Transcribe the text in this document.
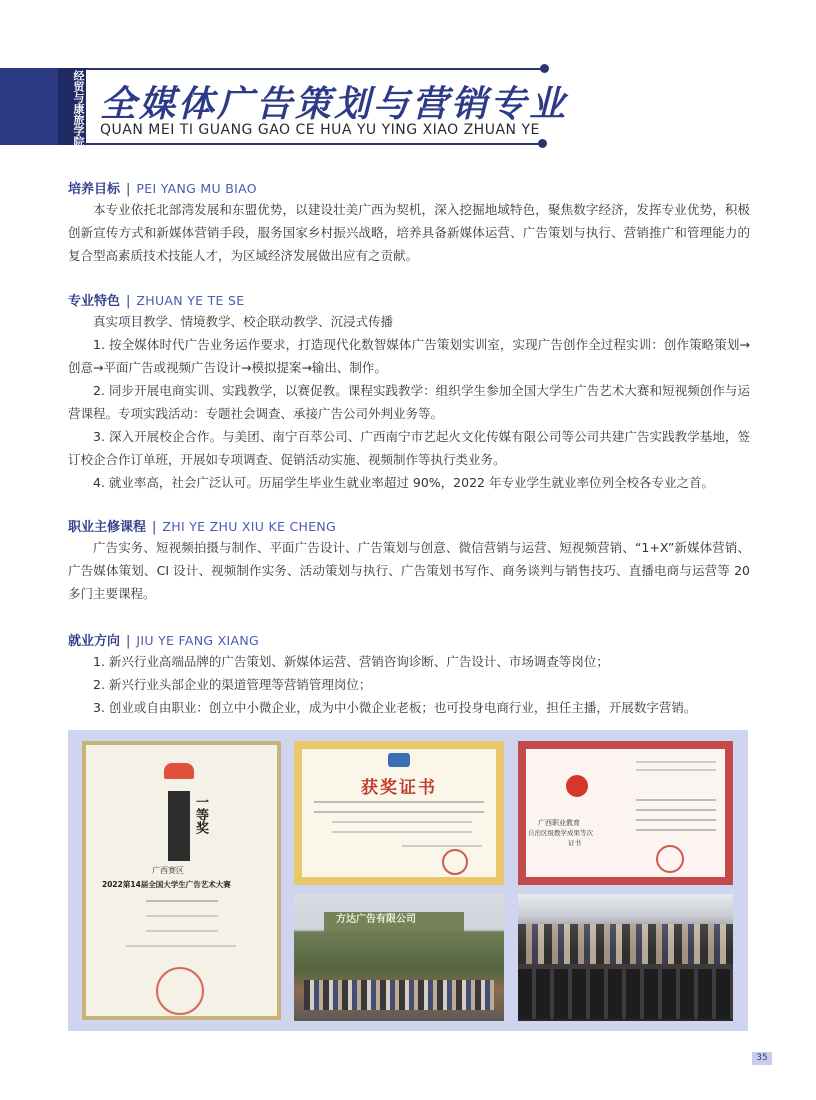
经贸与康旅学院 全媒体广告策划与营销专业
QUAN MEI TI GUANG GAO CE HUA YU YING XIAO ZHUAN YE
培养目标 | PEI YANG MU BIAO

本专业依托北部湾发展和东盟优势，以建设壮美广西为契机，深入挖掘地域特色，聚焦数字经济，发挥专业优势，积极创新宣传方式和新媒体营销手段，服务国家乡村振兴战略，培养具备新媒体运营、广告策划与执行、营销推广和管理能力的复合型高素质技术技能人才，为区域经济发展做出应有之贡献。

专业特色 | ZHUAN YE TE SE

真实项目教学、情境教学、校企联动教学、沉浸式传播

1. 按全媒体时代广告业务运作要求，打造现代化数智媒体广告策划实训室，实现广告创作全过程实训：创作策略策划→创意→平面广告或视频广告设计→模拟提案→输出、制作。

2. 同步开展电商实训、实践教学，以赛促教。课程实践教学：组织学生参加全国大学生广告艺术大赛和短视频创作与运营课程。专项实践活动：专题社会调查、承接广告公司外判业务等。

3. 深入开展校企合作。与美团、南宁百萃公司、广西南宁市艺起火文化传媒有限公司等公司共建广告实践教学基地，签订校企合作订单班，开展如专项调查、促销活动实施、视频制作等执行类业务。

4. 就业率高，社会广泛认可。历届学生毕业生就业率超过 90%，2022 年专业学生就业率位列全校各专业之首。

职业主修课程 | ZHI YE ZHU XIU KE CHENG

广告实务、短视频拍摄与制作、平面广告设计、广告策划与创意、微信营销与运营、短视频营销、“1+X”新媒体营销、广告媒体策划、CI 设计、视频制作实务、活动策划与执行、广告策划书写作、商务谈判与销售技巧、直播电商与运营等 20 多门主要课程。

就业方向 | JIU YE FANG XIANG

1. 新兴行业高端品牌的广告策划、新媒体运营、营销咨询诊断、广告设计、市场调查等岗位；

2. 新兴行业头部企业的渠道管理等营销管理岗位；

3. 创业或自由职业：创立中小微企业，成为中小微企业老板；也可投身电商行业，担任主播，开展数字营销。

一等奖
广西赛区
2022第14届全国大学生广告艺术大赛
获奖证书
广西职业教育
自治区级教学成果等次
证书
方达广告有限公司
35
